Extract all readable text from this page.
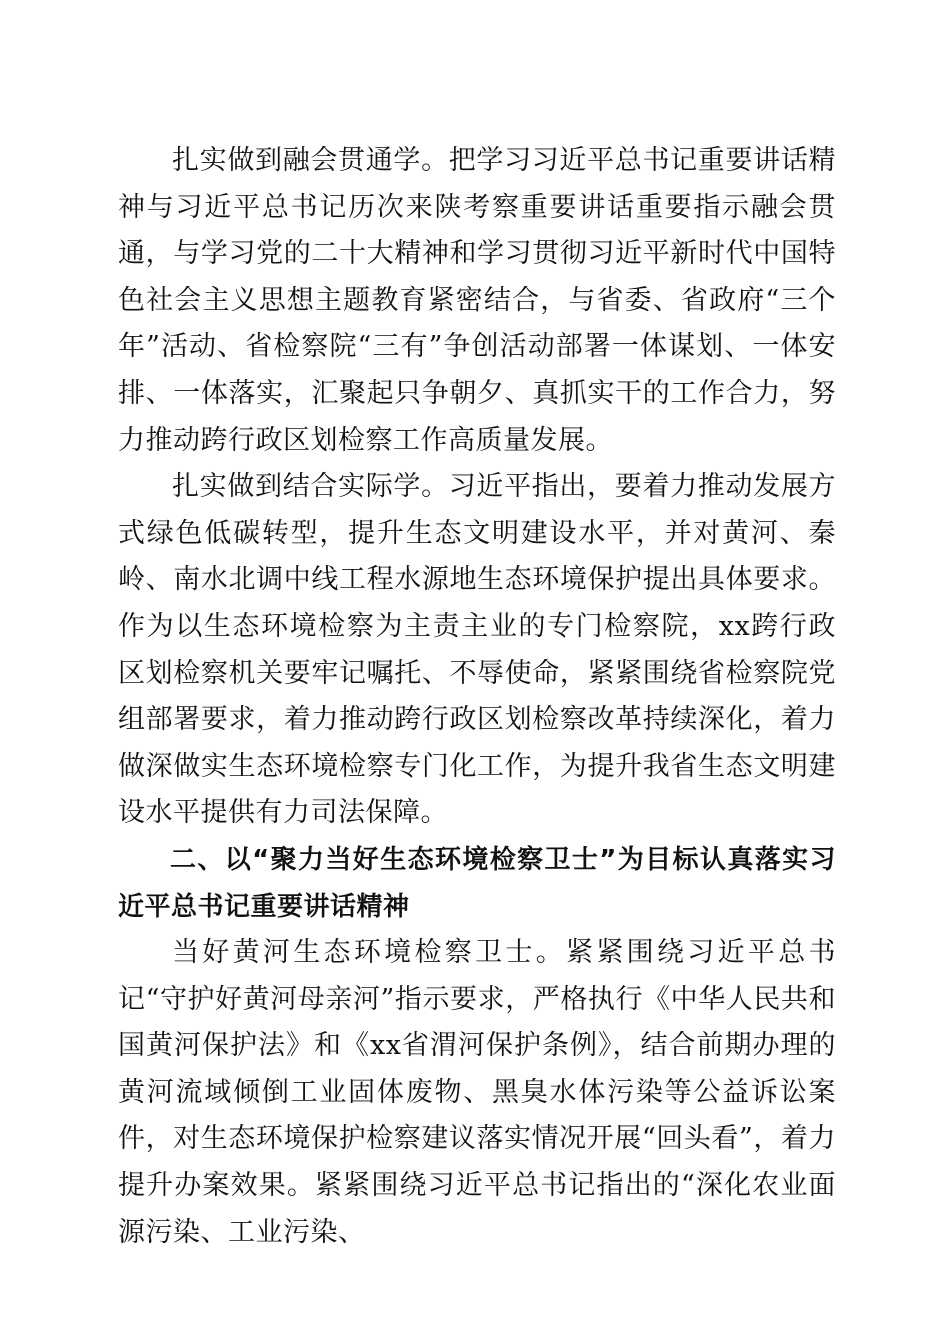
扎实做到融会贯通学。把学习习近平总书记重要讲话精神与习近平总书记历次来陕考察重要讲话重要指示融会贯通，与学习党的二十大精神和学习贯彻习近平新时代中国特色社会主义思想主题教育紧密结合，与省委、省政府“三个年”活动、省检察院“三有”争创活动部署一体谋划、一体安排、一体落实，汇聚起只争朝夕、真抓实干的工作合力，努力推动跨行政区划检察工作高质量发展。

扎实做到结合实际学。习近平指出，要着力推动发展方式绿色低碳转型，提升生态文明建设水平，并对黄河、秦岭、南水北调中线工程水源地生态环境保护提出具体要求。作为以生态环境检察为主责主业的专门检察院，xx跨行政区划检察机关要牢记嘱托、不辱使命，紧紧围绕省检察院党组部署要求，着力推动跨行政区划检察改革持续深化，着力做深做实生态环境检察专门化工作，为提升我省生态文明建设水平提供有力司法保障。

二、以“聚力当好生态环境检察卫士”为目标认真落实习近平总书记重要讲话精神

当好黄河生态环境检察卫士。紧紧围绕习近平总书记“守护好黄河母亲河”指示要求，严格执行《中华人民共和国黄河保护法》和《xx省渭河保护条例》，结合前期办理的黄河流域倾倒工业固体废物、黑臭水体污染等公益诉讼案件，对生态环境保护检察建议落实情况开展“回头看”，着力提升办案效果。紧紧围绕习近平总书记指出的“深化农业面源污染、工业污染、
